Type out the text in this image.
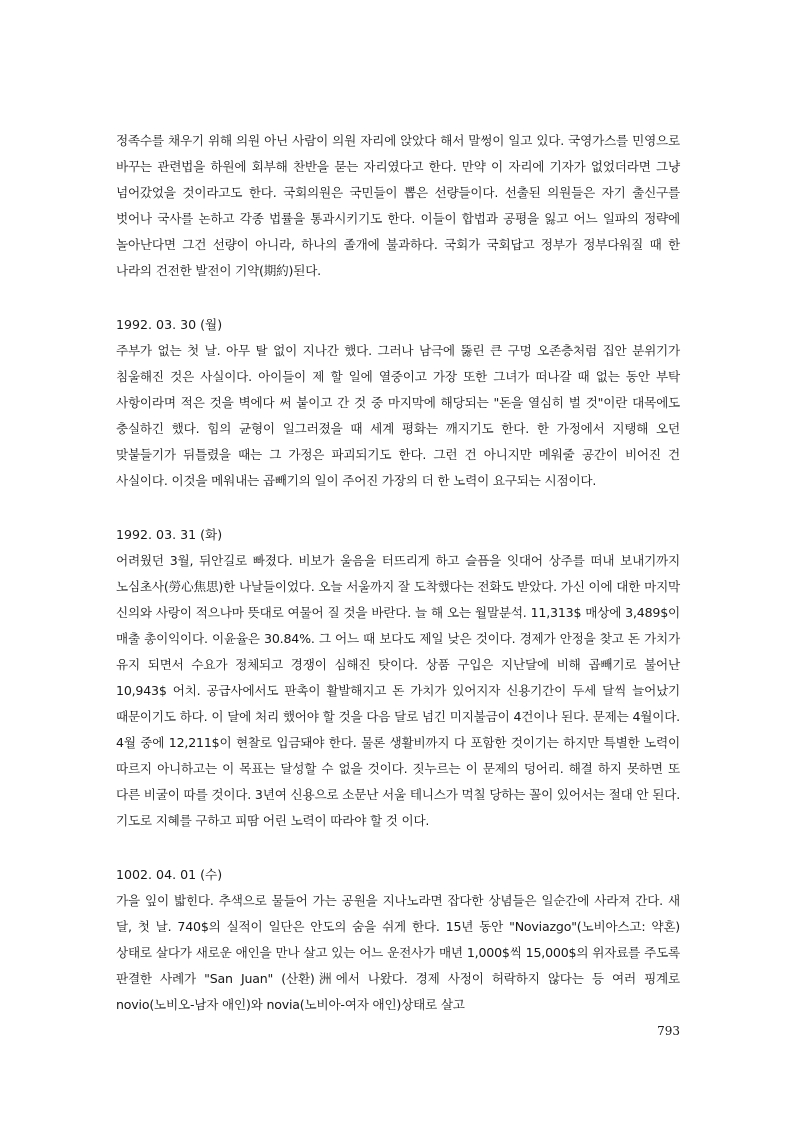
정족수를 채우기 위해 의원 아닌 사람이 의원 자리에 앉았다 해서 말썽이 일고 있다. 국영가스를 민영으로 바꾸는 관련법을 하원에 회부해 찬반을 묻는 자리였다고 한다. 만약 이 자리에 기자가 없었더라면 그냥 넘어갔었을 것이라고도 한다. 국회의원은 국민들이 뽑은 선량들이다. 선출된 의원들은 자기 출신구를 벗어나 국사를 논하고 각종 법률을 통과시키기도 한다. 이들이 합법과 공평을 잃고 어느 일파의 정략에 놀아난다면 그건 선량이 아니라, 하나의 졸개에 불과하다. 국회가 국회답고 정부가 정부다워질 때 한 나라의 건전한 발전이 기약(期約)된다.

1992. 03. 30 (월)

주부가 없는 첫 날. 아무 탈 없이 지나간 했다. 그러나 남극에 뚫린 큰 구멍 오존층처럼 집안 분위기가 침울해진 것은 사실이다. 아이들이 제 할 일에 열중이고 가장 또한 그녀가 떠나갈 때 없는 동안 부탁 사항이라며 적은 것을 벽에다 써 붙이고 간 것 중 마지막에 해당되는 "돈을 열심히 벌 것"이란 대목에도 충실하긴 했다. 힘의 균형이 일그러졌을 때 세계 평화는 깨지기도 한다. 한 가정에서 지탱해 오던 맞붙들기가 뒤틀렸을 때는 그 가정은 파괴되기도 한다. 그런 건 아니지만 메워줄 공간이 비어진 건 사실이다. 이것을 메워내는 곱빼기의 일이 주어진 가장의 더 한 노력이 요구되는 시점이다.

1992. 03. 31 (화)

어려웠던 3월, 뒤안길로 빠졌다. 비보가 울음을 터뜨리게 하고 슬픔을 잇대어 상주를 떠내 보내기까지 노심초사(勞心焦思)한 나날들이었다. 오늘 서울까지 잘 도착했다는 전화도 받았다. 가신 이에 대한 마지막 신의와 사랑이 적으나마 뜻대로 여물어 질 것을 바란다. 늘 해 오는 월말분석. 11,313$ 매상에 3,489$이 매출 총이익이다. 이윤율은 30.84%. 그 어느 때 보다도 제일 낮은 것이다. 경제가 안정을 찾고 돈 가치가 유지 되면서 수요가 정체되고 경쟁이 심해진 탓이다. 상품 구입은 지난달에 비해 곱빼기로 불어난 10,943$ 어치. 공급사에서도 판촉이 활발해지고 돈 가치가 있어지자 신용기간이 두세 달씩 늘어났기 때문이기도 하다. 이 달에 처리 했어야 할 것을 다음 달로 넘긴 미지불금이 4건이나 된다. 문제는 4월이다. 4월 중에 12,211$이 현찰로 입금돼야 한다. 물론 생활비까지 다 포함한 것이기는 하지만 특별한 노력이 따르지 아니하고는 이 목표는 달성할 수 없을 것이다. 짓누르는 이 문제의 덩어리. 해결 하지 못하면 또 다른 비굴이 따를 것이다. 3년여 신용으로 소문난 서울 테니스가 먹칠 당하는 꼴이 있어서는 절대 안 된다. 기도로 지혜를 구하고 피땀 어린 노력이 따라야 할 것 이다.

1002. 04. 01 (수)

가을 잎이 밟힌다. 추색으로 물들어 가는 공원을 지나노라면 잡다한 상념들은 일순간에 사라져 간다. 새 달, 첫 날. 740$의 실적이 일단은 안도의 숨을 쉬게 한다. 15년 동안 "Noviazgo"(노비아스고: 약혼) 상태로 살다가 새로운 애인을 만나 살고 있는 어느 운전사가 매년 1,000$씩 15,000$의 위자료를 주도록 판결한 사례가 "San Juan" (산환)洲에서 나왔다. 경제 사정이 허락하지 않다는 등 여러 핑계로 novio(노비오-남자 애인)와 novia(노비아-여자 애인)상태로 살고

793
